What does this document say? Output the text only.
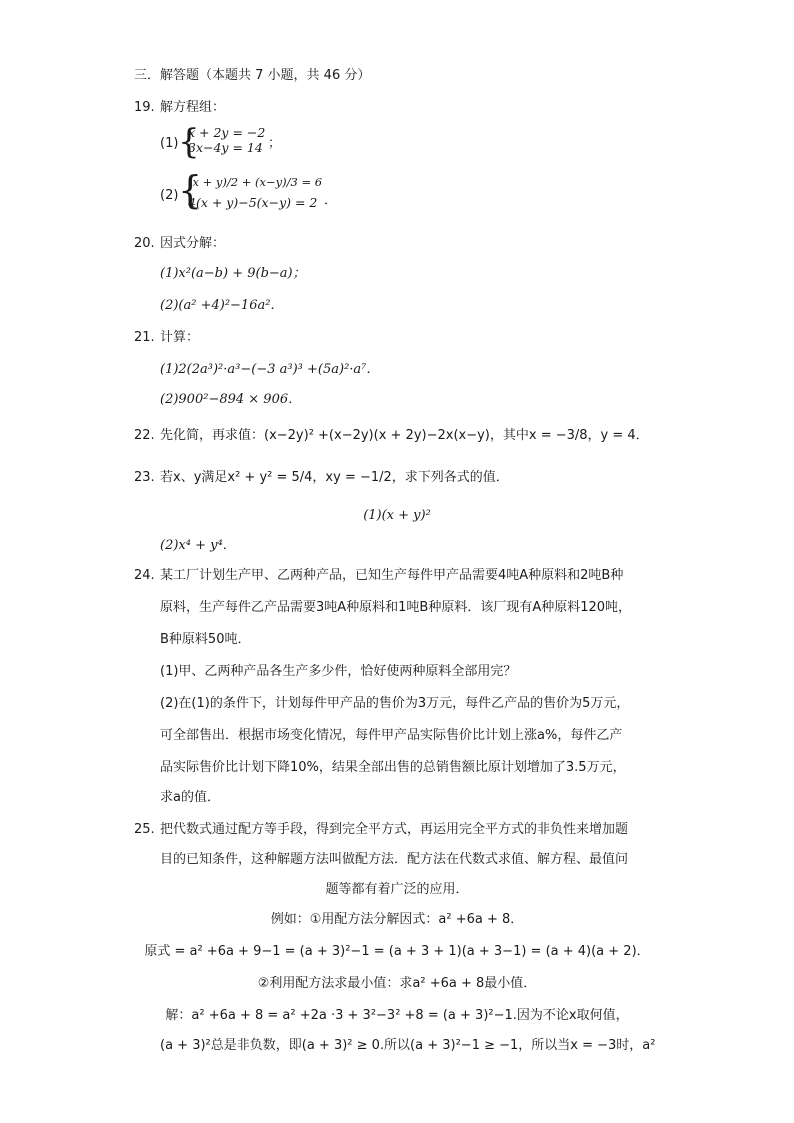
三．解答题（本题共 7 小题，共 46 分）
19. 解方程组：
(1) {
x + 2y = −2
3x−4y = 14 ；
(2) {
(x + y)/2 + (x−y)/3 = 6
4(x + y)−5(x−y) = 2 ．
20. 因式分解：
(1)x²(a−b) + 9(b−a)；
(2)(a² +4)²−16a²．
21. 计算：
(1)2(2a³)²·a³−(−3 a³)³ +(5a)²·a⁷．
(2)900²−894 × 906．
22. 先化简，再求值：(x−2y)² +(x−2y)(x + 2y)−2x(x−y)，其中x = −3/8，y = 4．
23. 若x、y满足x² + y² = 5/4，xy = −1/2，求下列各式的值．
(1)(x + y)²
(2)x⁴ + y⁴．
24. 某工厂计划生产甲、乙两种产品，已知生产每件甲产品需要4吨A种原料和2吨B种
原料，生产每件乙产品需要3吨A种原料和1吨B种原料．该厂现有A种原料120吨，
B种原料50吨．
(1)甲、乙两种产品各生产多少件，恰好使两种原料全部用完？
(2)在(1)的条件下，计划每件甲产品的售价为3万元，每件乙产品的售价为5万元，
可全部售出．根据市场变化情况，每件甲产品实际售价比计划上涨a%，每件乙产
品实际售价比计划下降10%，结果全部出售的总销售额比原计划增加了3.5万元，
求a的值．
25. 把代数式通过配方等手段，得到完全平方式，再运用完全平方式的非负性来增加题
目的已知条件，这种解题方法叫做配方法．配方法在代数式求值、解方程、最值问
题等都有着广泛的应用．
例如：①用配方法分解因式：a² +6a + 8．
原式 = a² +6a + 9−1 = (a + 3)²−1 = (a + 3 + 1)(a + 3−1) = (a + 4)(a + 2)．
②利用配方法求最小值：求a² +6a + 8最小值．
解：a² +6a + 8 = a² +2a ·3 + 3²−3² +8 = (a + 3)²−1.因为不论x取何值，
(a + 3)²总是非负数，即(a + 3)² ≥ 0.所以(a + 3)²−1 ≥ −1，所以当x = −3时，a²
